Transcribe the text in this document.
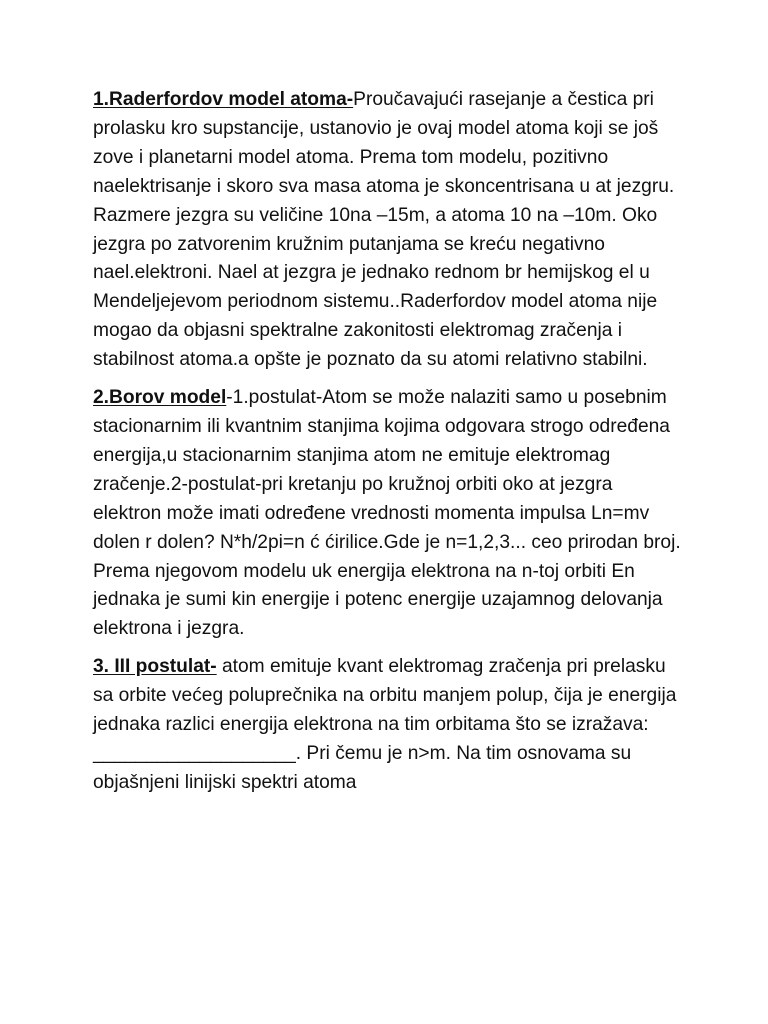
1.Raderfordov model atoma-Proučavajući rasejanje a čestica pri prolasku kro supstancije, ustanovio je ovaj model atoma koji se još zove i planetarni model atoma. Prema tom modelu, pozitivno naelektrisanje i skoro sva masa atoma je skoncentrisana u at jezgru. Razmere jezgra su veličine 10na –15m, a atoma 10 na –10m. Oko jezgra po zatvorenim kružnim putanjama se kreću negativno nael.elektroni. Nael at jezgra je jednako rednom br hemijskog el u Mendeljejevom periodnom sistemu..Raderfordov model atoma nije mogao da objasni spektralne zakonitosti elektromag zračenja i stabilnost atoma.a opšte je poznato da su atomi relativno stabilni.

2.Borov model-1.postulat-Atom se može nalaziti samo u posebnim stacionarnim ili kvantnim stanjima kojima odgovara strogo određena energija,u stacionarnim stanjima atom ne emituje elektromag zračenje.2-postulat-pri kretanju po kružnoj orbiti oko at jezgra elektron može imati određene vrednosti momenta impulsa Ln=mv dolen r dolen? N*h/2pi=n ć ćirilice.Gde je n=1,2,3... ceo prirodan broj. Prema njegovom modelu uk energija elektrona na n-toj orbiti En jednaka je sumi kin energije i potenc energije uzajamnog delovanja elektrona i jezgra.

3. III postulat- atom emituje kvant elektromag zračenja pri prelasku sa orbite većeg poluprečnika na orbitu manjem polup, čija je energija jednaka razlici energija elektrona na tim orbitama što se izražava: ___________________. Pri čemu je n>m. Na tim osnovama su objašnjeni linijski spektri atoma
